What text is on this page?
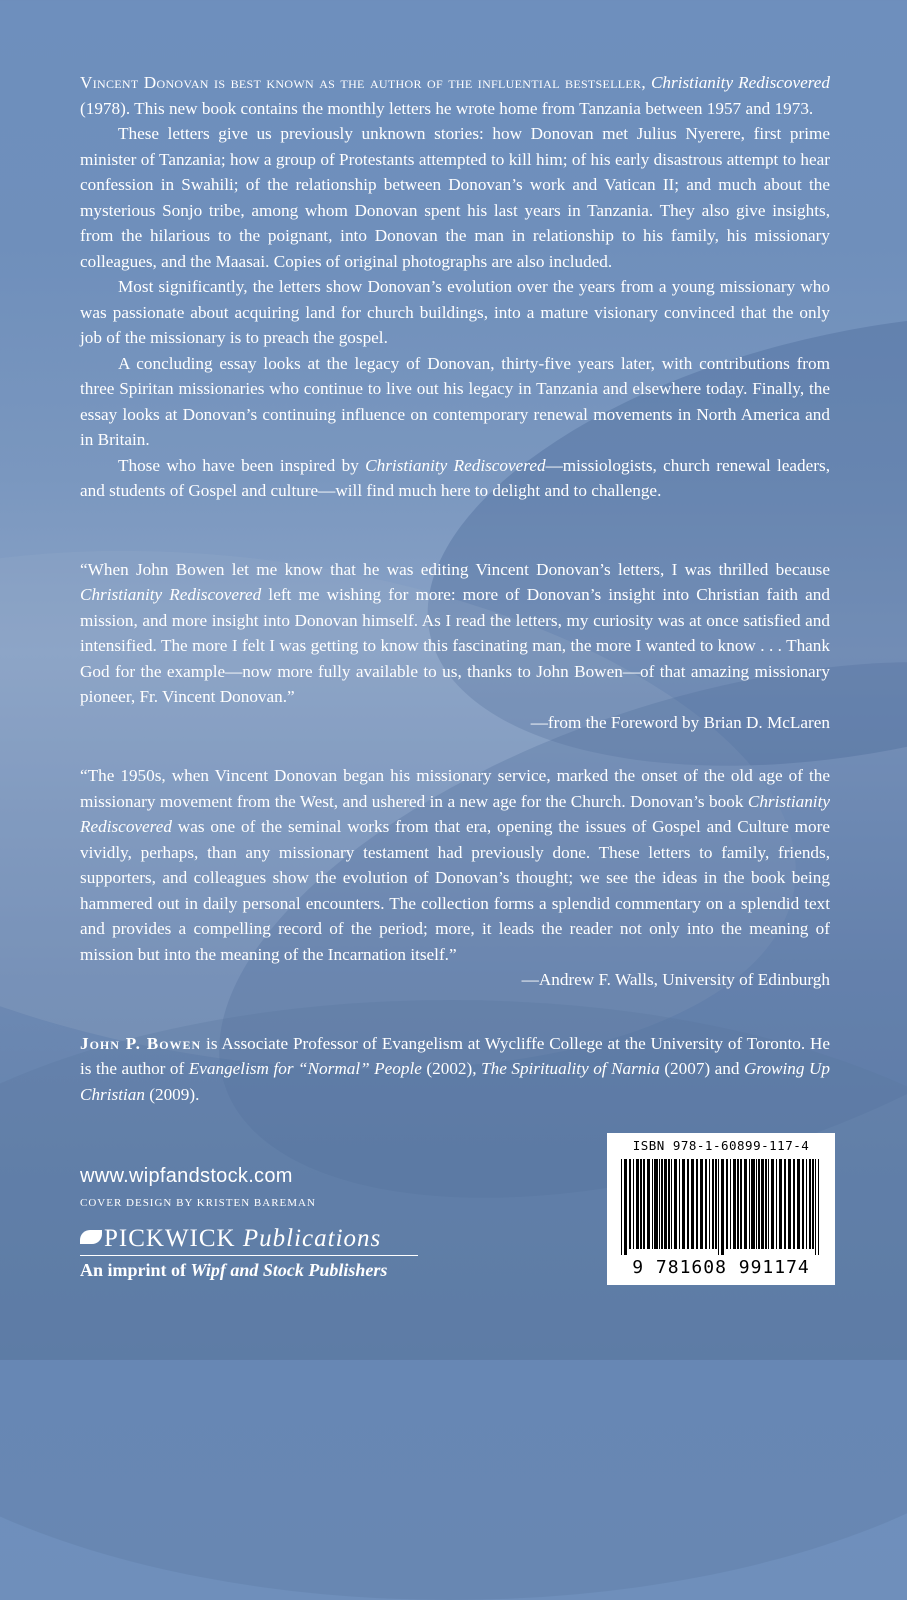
Vincent Donovan is best known as the author of the influential bestseller, Christianity Rediscovered (1978). This new book contains the monthly letters he wrote home from Tanzania between 1957 and 1973.

These letters give us previously unknown stories: how Donovan met Julius Nyerere, first prime minister of Tanzania; how a group of Protestants attempted to kill him; of his early disastrous attempt to hear confession in Swahili; of the relationship between Donovan’s work and Vatican II; and much about the mysterious Sonjo tribe, among whom Donovan spent his last years in Tanzania. They also give insights, from the hilarious to the poignant, into Donovan the man in relationship to his family, his missionary colleagues, and the Maasai. Copies of original photographs are also included.

Most significantly, the letters show Donovan’s evolution over the years from a young missionary who was passionate about acquiring land for church buildings, into a mature visionary convinced that the only job of the missionary is to preach the gospel.

A concluding essay looks at the legacy of Donovan, thirty-five years later, with contributions from three Spiritan missionaries who continue to live out his legacy in Tanzania and elsewhere today. Finally, the essay looks at Donovan’s continuing influence on contemporary renewal movements in North America and in Britain.

Those who have been inspired by Christianity Rediscovered—missiologists, church renewal leaders, and students of Gospel and culture—will find much here to delight and to challenge.

“When John Bowen let me know that he was editing Vincent Donovan’s letters, I was thrilled because Christianity Rediscovered left me wishing for more: more of Donovan’s insight into Christian faith and mission, and more insight into Donovan himself. As I read the letters, my curiosity was at once satisfied and intensified. The more I felt I was getting to know this fascinating man, the more I wanted to know . . . Thank God for the example—now more fully available to us, thanks to John Bowen—of that amazing missionary pioneer, Fr. Vincent Donovan.”

—from the Foreword by Brian D. McLaren

“The 1950s, when Vincent Donovan began his missionary service, marked the onset of the old age of the missionary movement from the West, and ushered in a new age for the Church. Donovan’s book Christianity Rediscovered was one of the seminal works from that era, opening the issues of Gospel and Culture more vividly, perhaps, than any missionary testament had previously done. These letters to family, friends, supporters, and colleagues show the evolution of Donovan’s thought; we see the ideas in the book being hammered out in daily personal encounters. The collection forms a splendid commentary on a splendid text and provides a compelling record of the period; more, it leads the reader not only into the meaning of mission but into the meaning of the Incarnation itself.”

—Andrew F. Walls, University of Edinburgh

John P. Bowen is Associate Professor of Evangelism at Wycliffe College at the University of Toronto. He is the author of Evangelism for “Normal” People (2002), The Spirituality of Narnia (2007) and Growing Up Christian (2009).

www.wipfandstock.com
COVER DESIGN BY KRISTEN BAREMAN
PICKWICK Publications
An imprint of Wipf and Stock Publishers
ISBN 978-1-60899-117-4
9 781608 991174
